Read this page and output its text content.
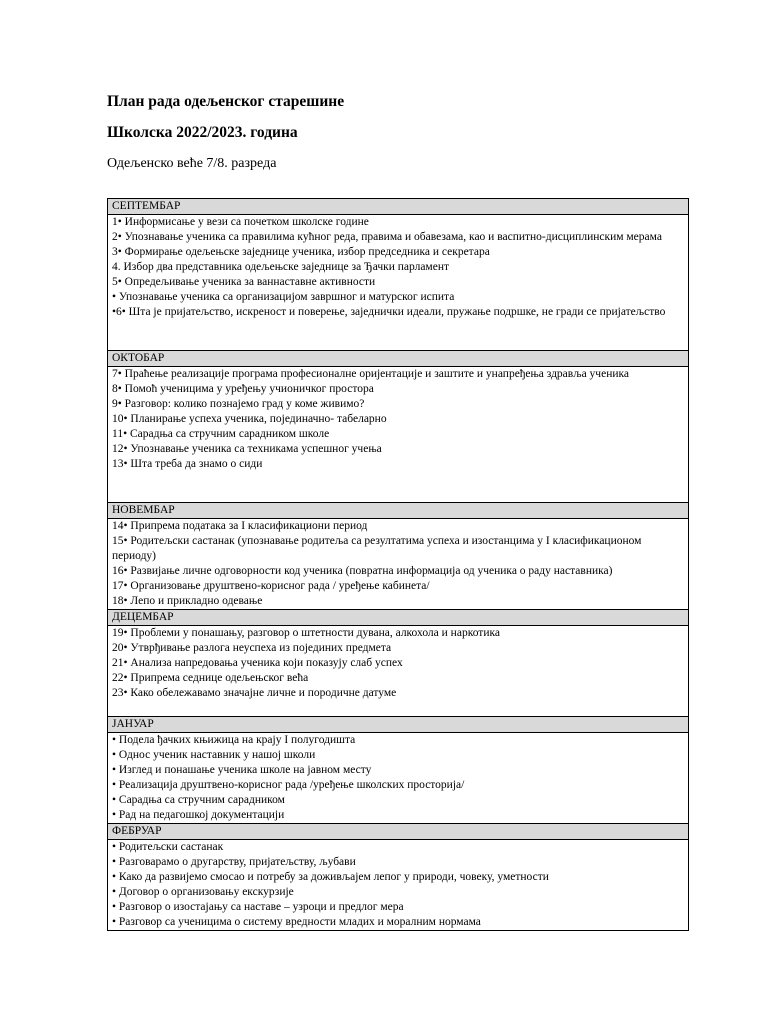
План рада одељенског старешине
Школска 2022/2023. година

Одељенско веће 7/8. разреда

СЕПТЕМБАР

1• Информисање у вези са почетком школске године
2• Упознавање ученика са правилима кућног реда, правима и обавезама, као и васпитно-дисциплинским мерама
3• Формирање одељењске заједнице ученика, избор председника и секретара
4. Избор два представника одељењске заједнице за Ђачки парламент
5• Опредељивање ученика за ваннаставне активности
• Упознавање ученика са организацијом завршног и матурског испита
•6• Шта је пријатељство, искреност и поверење, заједнички идеали, пружање подршке, не гради се пријатељство

ОКТОБАР

7• Праћење реализације програма професионалне оријентације и заштите и унапређења здравља ученика
8• Помоћ ученицима у уређењу учионичког простора
9• Разговор: колико познајемо град у коме живимо?
10• Планирање успеха ученика, појединачно- табеларно
11• Сарадња са стручним сарадником школе
12• Упознавање ученика са техникама успешног учења
13• Шта треба да знамо о сиди

НОВЕМБАР

14• Припрема података за I класификациони период
15• Родитељски састанак (упознавање родитеља са резултатима успеха и изостанцима у I класификационом периоду)
16• Развијање личне одговорности код ученика (повратна информација од ученика о раду наставника)
17• Организовање друштвено-корисног рада / уређење кабинета/
18• Лепо и прикладно одевање

ДЕЦЕМБАР

19• Проблеми у понашању, разговор о штетности дувана, алкохола и наркотика
20• Утврђивање разлога неуспеха из појединих предмета
21• Анализа напредовања ученика који показују слаб успех
22• Припрема седнице одељењског већа
23• Како обележавамо значајне личне и породичне датуме

ЈАНУАР

• Подела ђачких књижица на крају I полугодишта
• Однос ученик наставник у нашој школи
• Изглед и понашање ученика школе на јавном месту
• Реализација друштвено-корисног рада /уређење школских просторија/
• Сарадња са стручним сарадником
• Рад на педагошкој документацији

ФЕБРУАР

• Родитељски састанак
• Разговарамо о другарству, пријатељству, љубави
• Како да развијемо смосао и потребу за доживљајем лепог у природи, човеку, уметности
• Договор о организовању екскурзије
• Разговор о изостајању са наставе – узроци и предлог мера
• Разговор са ученицима о систему вредности младих и моралним нормама
